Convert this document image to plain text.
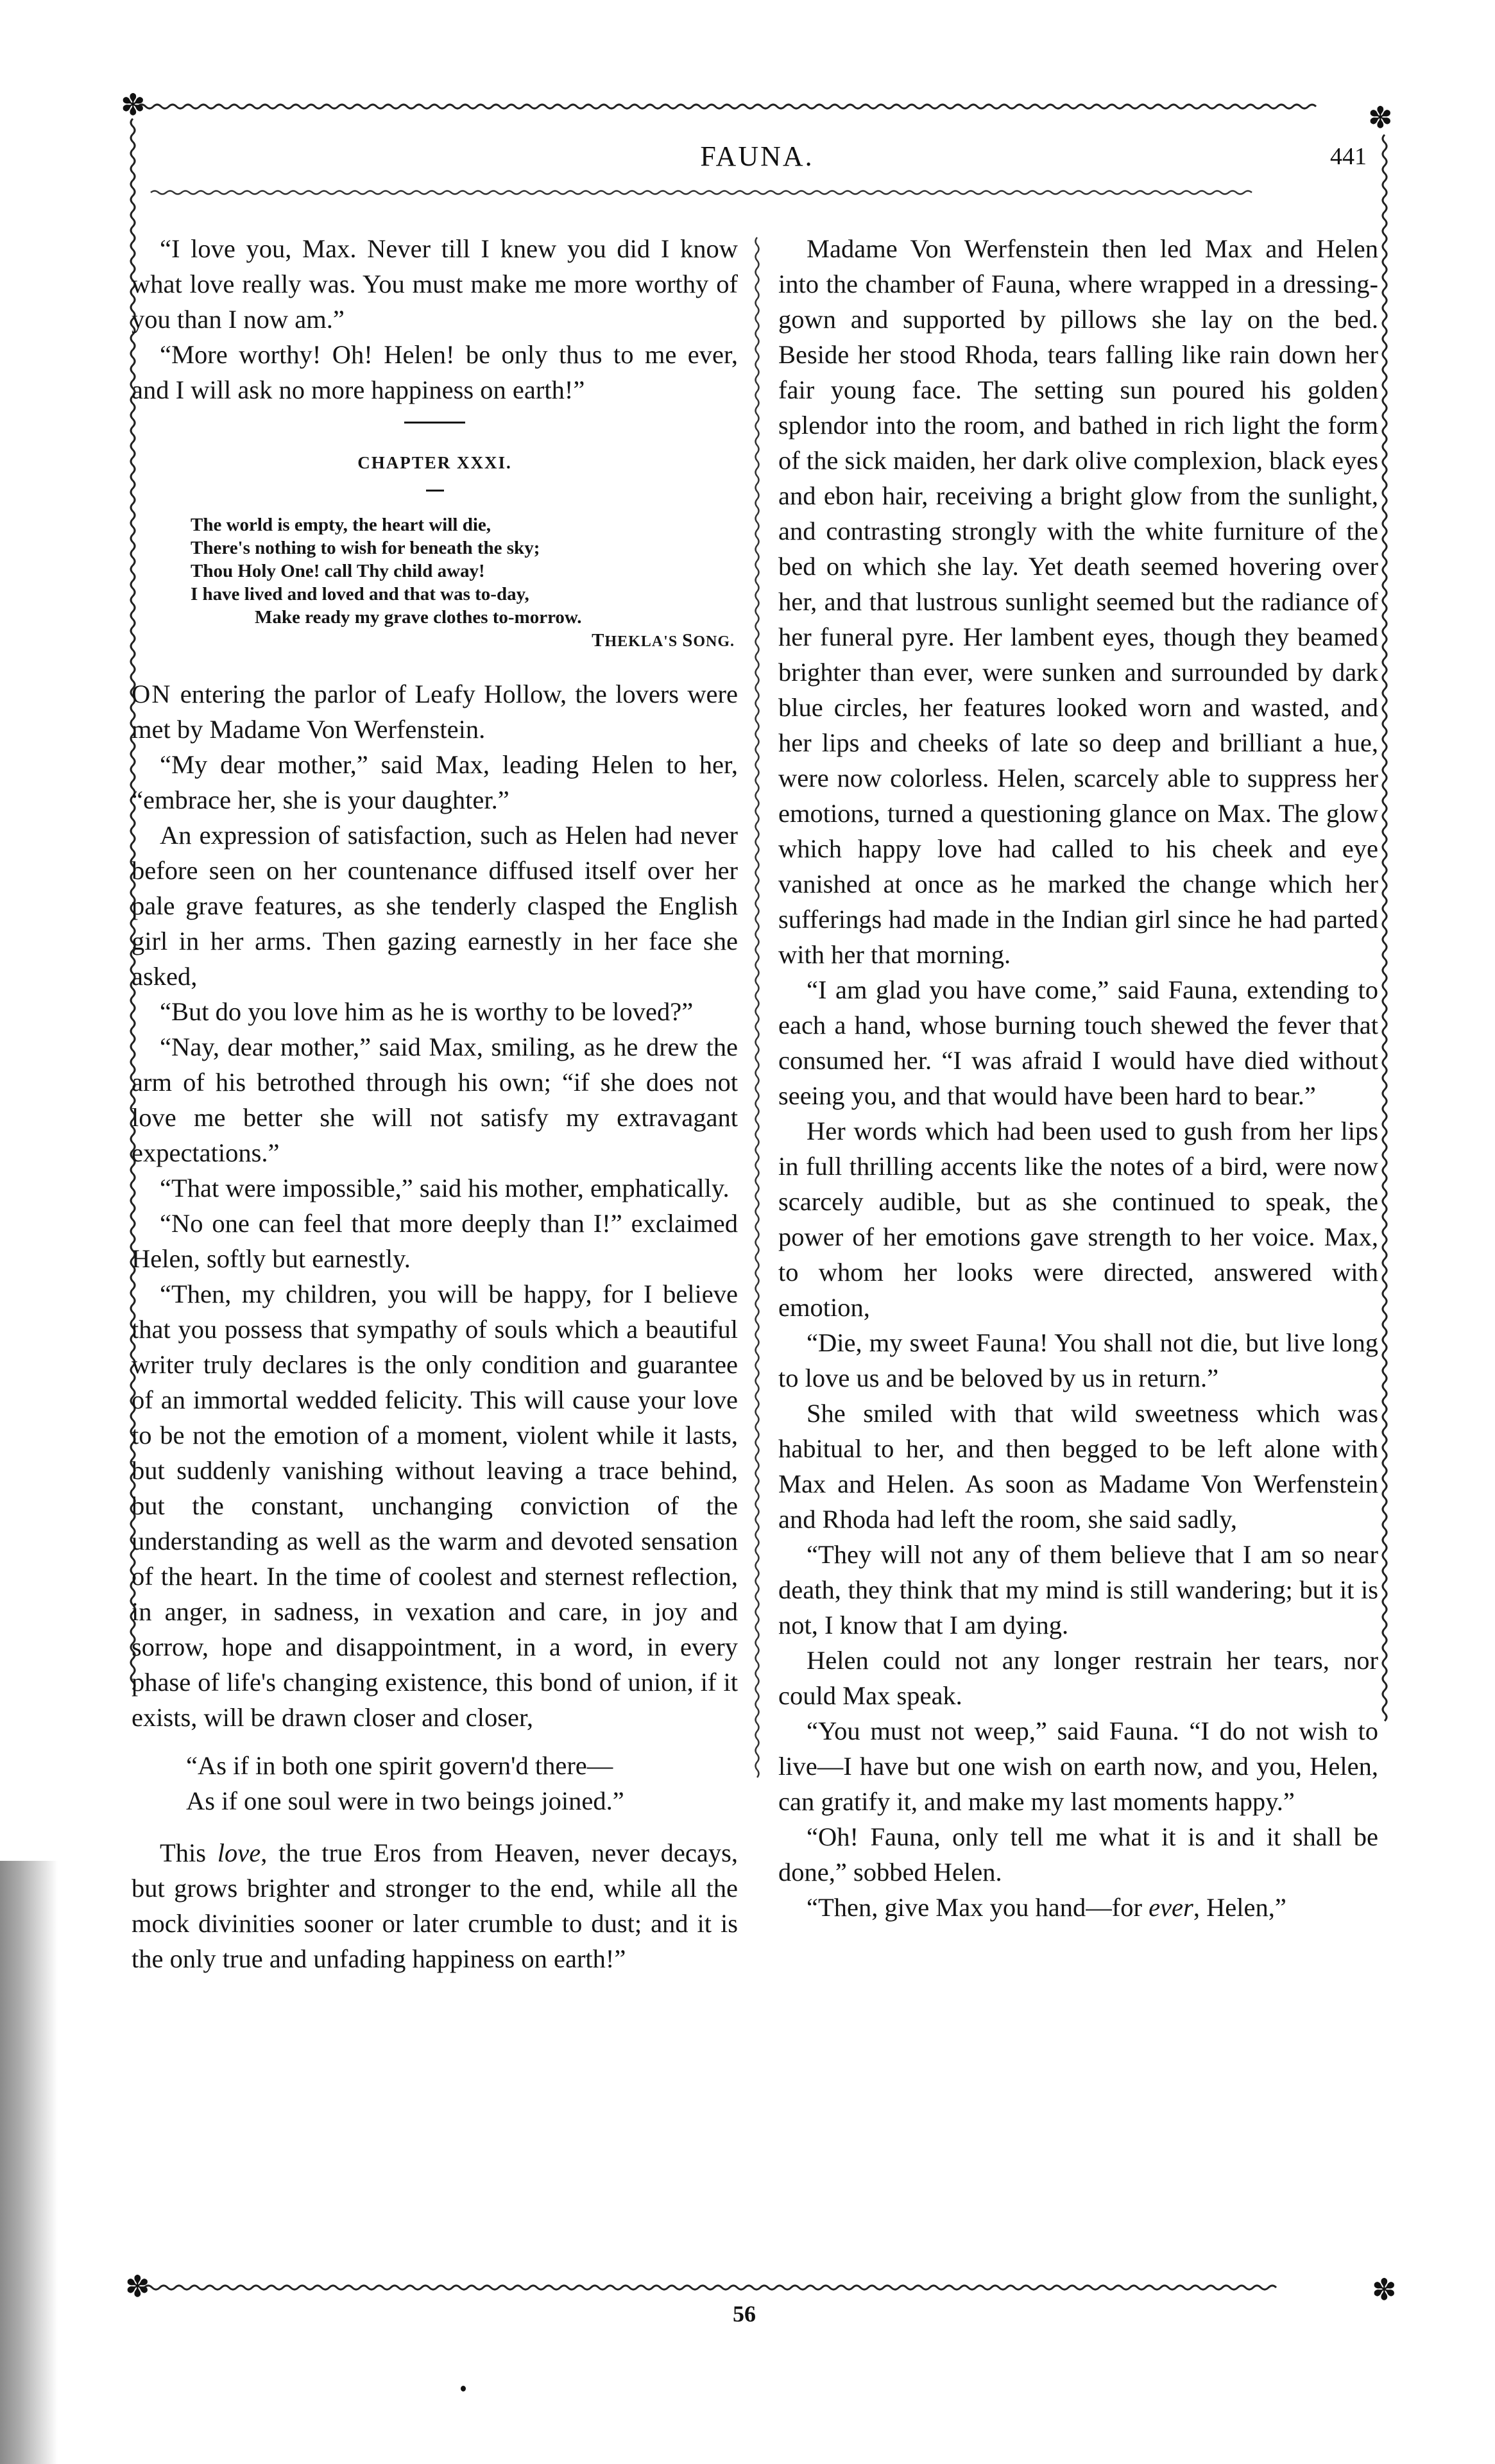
✽	✽
✽	✽
FAUNA.	441

“I love you, Max. Never till I knew you did I know what love really was. You must make me more worthy of you than I now am.”

“More worthy! Oh! Helen! be only thus to me ever, and I will ask no more happiness on earth!”

CHAPTER XXXI.
The world is empty, the heart will die,
There's nothing to wish for beneath the sky;
Thou Holy One! call Thy child away!
I have lived and loved and that was to-day,
Make ready my grave clothes to-morrow.
THEKLA'S SONG.

ON entering the parlor of Leafy Hollow, the lovers were met by Madame Von Werfenstein.

“My dear mother,” said Max, leading Helen to her, “embrace her, she is your daughter.”

An expression of satisfaction, such as Helen had never before seen on her countenance diffused itself over her pale grave features, as she tenderly clasped the English girl in her arms. Then gazing earnestly in her face she asked,

“But do you love him as he is worthy to be loved?”

“Nay, dear mother,” said Max, smiling, as he drew the arm of his betrothed through his own; “if she does not love me better she will not satisfy my extravagant expectations.”

“That were impossible,” said his mother, emphatically.

“No one can feel that more deeply than I!” exclaimed Helen, softly but earnestly.

“Then, my children, you will be happy, for I believe that you possess that sympathy of souls which a beautiful writer truly declares is the only condition and guarantee of an immortal wedded felicity. This will cause your love to be not the emotion of a moment, violent while it lasts, but suddenly vanishing without leaving a trace behind, but the constant, unchanging conviction of the understanding as well as the warm and devoted sensation of the heart. In the time of coolest and sternest reflection, in anger, in sadness, in vexation and care, in joy and sorrow, hope and disappointment, in a word, in every phase of life's changing existence, this bond of union, if it exists, will be drawn closer and closer,

“As if in both one spirit govern'd there—
As if one soul were in two beings joined.”

This love, the true Eros from Heaven, never decays, but grows brighter and stronger to the end, while all the mock divinities sooner or later crumble to dust; and it is the only true and unfading happiness on earth!”

Madame Von Werfenstein then led Max and Helen into the chamber of Fauna, where wrapped in a dressing-gown and supported by pillows she lay on the bed. Beside her stood Rhoda, tears falling like rain down her fair young face. The setting sun poured his golden splendor into the room, and bathed in rich light the form of the sick maiden, her dark olive complexion, black eyes and ebon hair, receiving a bright glow from the sunlight, and contrasting strongly with the white furniture of the bed on which she lay. Yet death seemed hovering over her, and that lustrous sunlight seemed but the radiance of her funeral pyre. Her lambent eyes, though they beamed brighter than ever, were sunken and surrounded by dark blue circles, her features looked worn and wasted, and her lips and cheeks of late so deep and brilliant a hue, were now colorless. Helen, scarcely able to suppress her emotions, turned a questioning glance on Max. The glow which happy love had called to his cheek and eye vanished at once as he marked the change which her sufferings had made in the Indian girl since he had parted with her that morning.

“I am glad you have come,” said Fauna, extending to each a hand, whose burning touch shewed the fever that consumed her. “I was afraid I would have died without seeing you, and that would have been hard to bear.”

Her words which had been used to gush from her lips in full thrilling accents like the notes of a bird, were now scarcely audible, but as she continued to speak, the power of her emotions gave strength to her voice. Max, to whom her looks were directed, answered with emotion,

“Die, my sweet Fauna! You shall not die, but live long to love us and be beloved by us in return.”

She smiled with that wild sweetness which was habitual to her, and then begged to be left alone with Max and Helen. As soon as Madame Von Werfenstein and Rhoda had left the room, she said sadly,

“They will not any of them believe that I am so near death, they think that my mind is still wandering; but it is not, I know that I am dying.

Helen could not any longer restrain her tears, nor could Max speak.

“You must not weep,” said Fauna. “I do not wish to live—I have but one wish on earth now, and you, Helen, can gratify it, and make my last moments happy.”

“Oh! Fauna, only tell me what it is and it shall be done,” sobbed Helen.

“Then, give Max you hand—for ever, Helen,”

56
